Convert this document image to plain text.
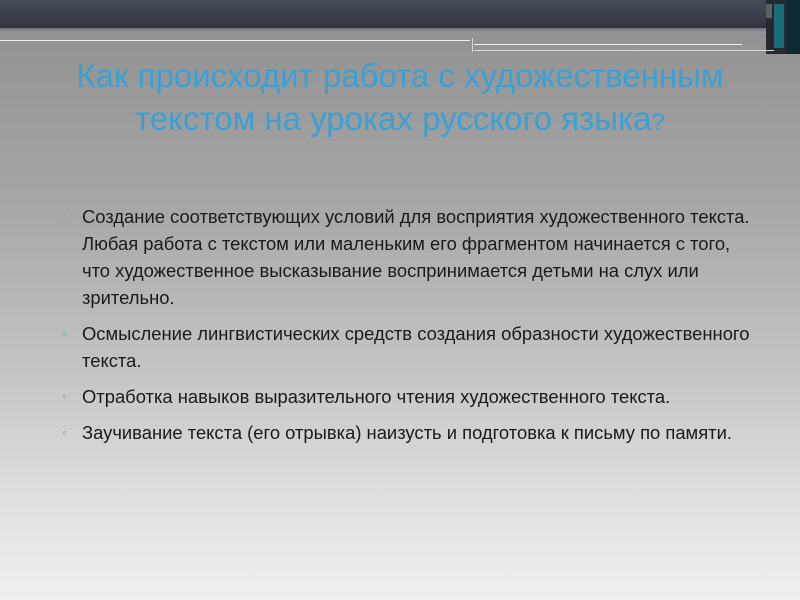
Как происходит работа с художественным текстом на уроках русского языка?
◦ Создание соответствующих условий для восприятия художественного текста. Любая работа с текстом или маленьким его фрагментом начинается с того, что художественное высказывание воспринимается детьми на слух или зрительно.
◦ Осмысление лингвистических средств создания образности художественного текста.
◦ Отработка навыков выразительного чтения художественного текста.
◦ Заучивание текста (его отрывка) наизусть и подготовка к письму по памяти.
